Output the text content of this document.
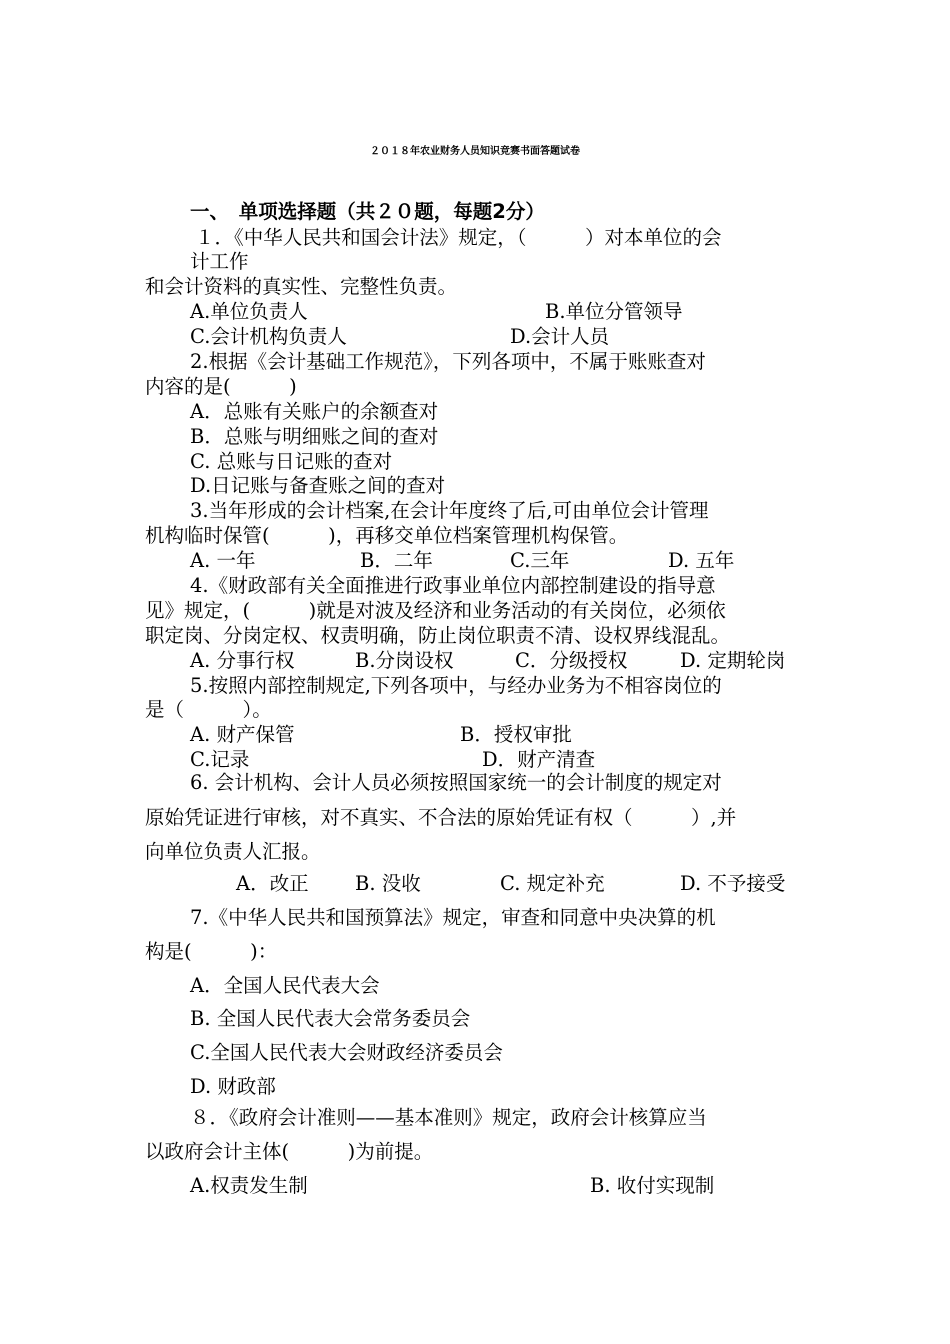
２０１８年农业财务人员知识竞赛书面答题试卷
一、　单项选择题（共２０题，每题2分）
１．《中华人民共和国会计法》规定，（　　　）对本单位的会
计工作
和会计资料的真实性、完整性负责。
A.单位负责人	B.单位分管领导
C.会计机构负责人	D.会计人员
2.根据《会计基础工作规范》，下列各项中，不属于账账查对
内容的是(　　　)
A．总账有关账户的余额查对
B．总账与明细账之间的查对
C. 总账与日记账的查对
D.日记账与备查账之间的查对
3.当年形成的会计档案,在会计年度终了后,可由单位会计管理
机构临时保管(　　　)，再移交单位档案管理机构保管。
A. 一年	B．二年	C.三年	D. 五年
4.《财政部有关全面推进行政事业单位内部控制建设的指导意
见》规定，(　　　)就是对波及经济和业务活动的有关岗位，必须依
职定岗、分岗定权、权责明确，防止岗位职责不清、设权界线混乱。
A. 分事行权	B.分岗设权	C．分级授权	D. 定期轮岗
5.按照内部控制规定,下列各项中，与经办业务为不相容岗位的
是（　　　）。
A. 财产保管	B．授权审批
C.记录	D．财产清查
6. 会计机构、会计人员必须按照国家统一的会计制度的规定对
原始凭证进行审核，对不真实、不合法的原始凭证有权（　　　）,并
向单位负责人汇报。
A．改正 B. 没收	C. 规定补充	D. 不予接受
7.《中华人民共和国预算法》规定，审查和同意中央决算的机
构是(　　　)：
A．全国人民代表大会
B. 全国人民代表大会常务委员会
C.全国人民代表大会财政经济委员会
D. 财政部
８．《政府会计准则——基本准则》规定，政府会计核算应当
以政府会计主体(　　　)为前提。
A.权责发生制	B. 收付实现制
